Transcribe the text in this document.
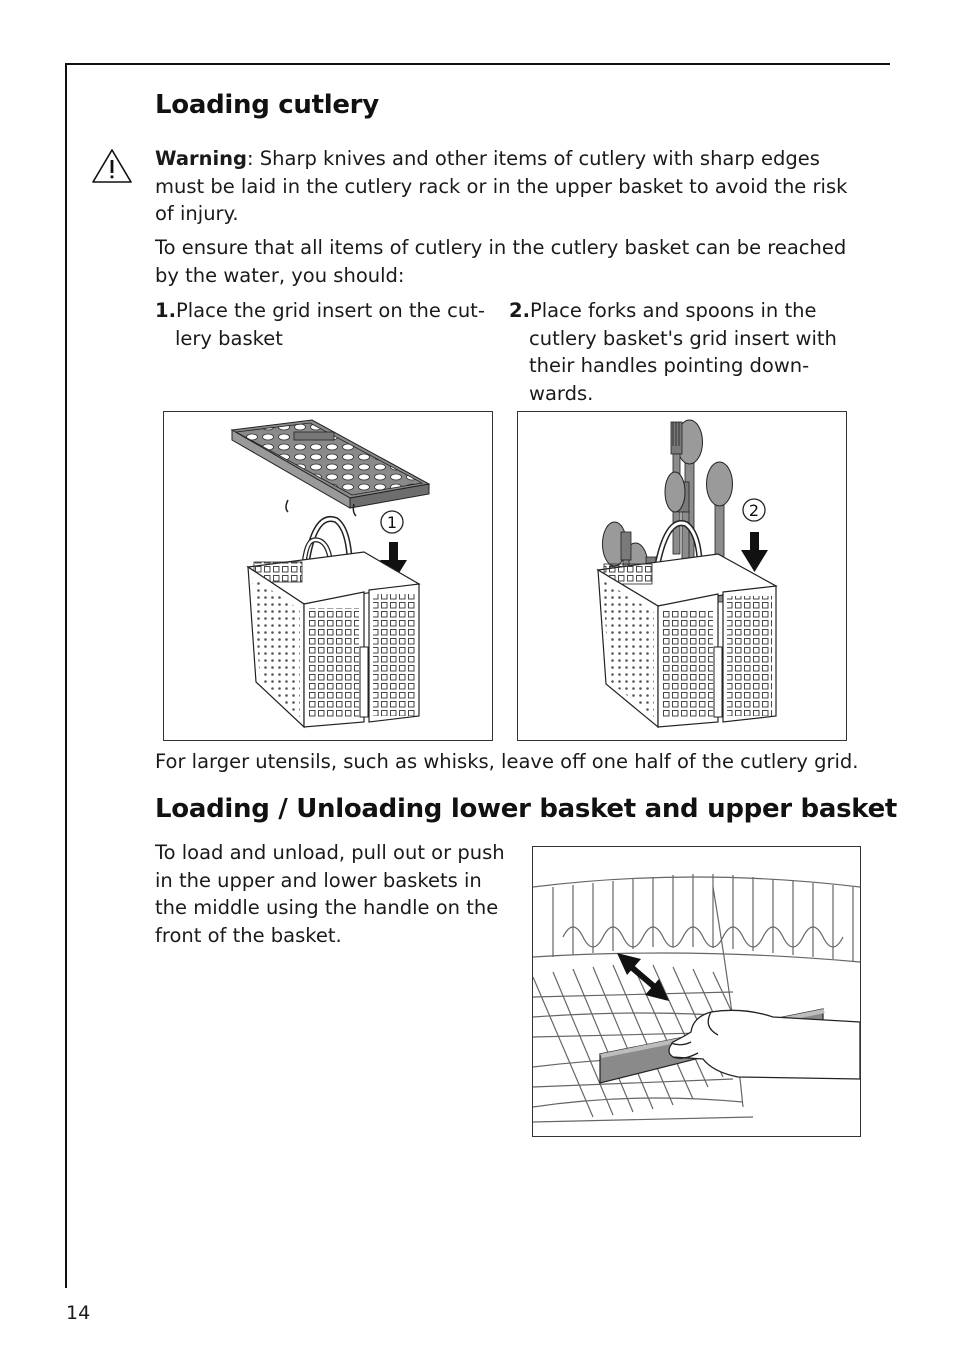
Loading cutlery
Warning: Sharp knives and other items of cutlery with sharp edges
must be laid in the cutlery rack or in the upper basket to avoid the risk
of injury.
To ensure that all items of cutlery in the cutlery basket can be reached
by the water, you should:
1.Place the grid insert on the cut-
lery basket
2.Place forks and spoons in the
cutlery basket's grid insert with
their handles pointing down-
wards.
1
2
For larger utensils, such as whisks, leave off one half of the cutlery grid.
Loading / Unloading lower basket and upper basket
To load and unload, pull out or push
in the upper and lower baskets in
the middle using the handle on the
front of the basket.
14
